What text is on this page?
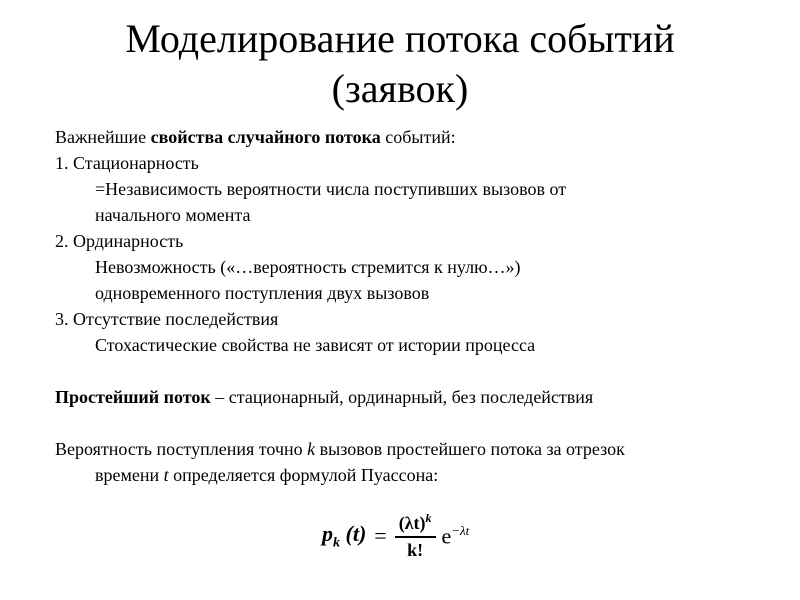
Моделирование потока событий
(заявок)
Важнейшие свойства случайного потока событий:
1. Стационарность
=Независимость вероятности числа поступивших вызовов от
начального момента
2. Ординарность
Невозможность («…вероятность стремится к нулю…»)
одновременного поступления двух вызовов
3. Отсутствие последействия
Стохастические свойства не зависят от истории процесса
Простейший поток – стационарный, ординарный, без последействия
Вероятность поступления точно k вызовов простейшего потока за отрезок
времени t определяется формулой Пуассона:
$p_k$ $(t) = \frac{(\lambda t)^k}{k!} e^{-\lambda t}$
